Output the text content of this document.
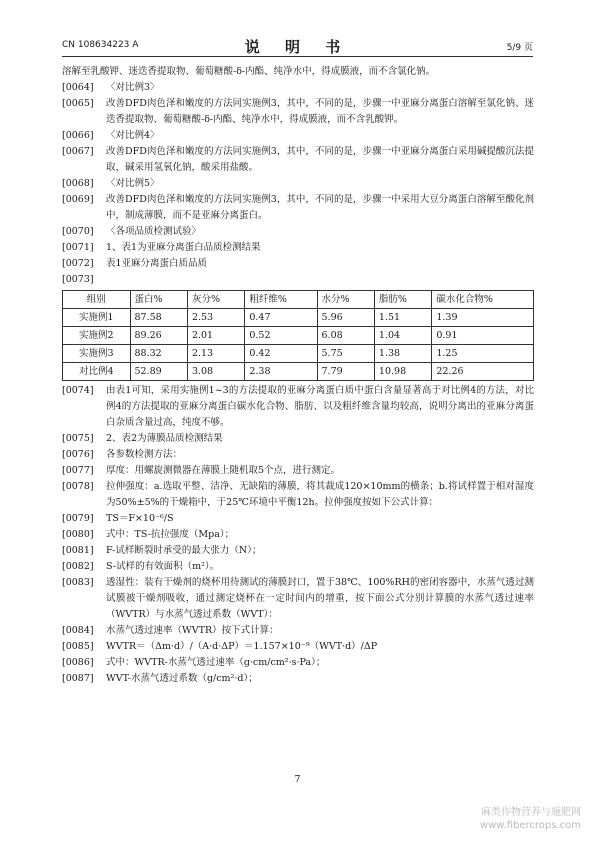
CN 108634223 A	说 明 书	5/9 页
溶解至乳酸钾、迷迭香提取物、葡萄糖酸-δ-内酯、纯净水中，得成膜液，而不含氯化钠。
[0064]	〈对比例3〉
[0065]	改善DFD肉色泽和嫩度的方法同实施例3，其中，不同的是，步骤一中亚麻分离蛋白溶解至氯化钠、迷迭香提取物、葡萄糖酸-δ-内酯、纯净水中，得成膜液，而不含乳酸钾。
[0066]	〈对比例4〉
[0067]	改善DFD肉色泽和嫩度的方法同实施例3，其中，不同的是，步骤一中亚麻分离蛋白采用碱提酸沉法提取，碱采用氢氧化钠，酸采用盐酸。
[0068]	〈对比例5〉
[0069]	改善DFD肉色泽和嫩度的方法同实施例3，其中，不同的是，步骤一中采用大豆分离蛋白溶解至酸化剂中，制成薄膜，而不是亚麻分离蛋白。
[0070]	〈各项品质检测试验〉
[0071]	1、表1为亚麻分离蛋白品质检测结果
[0072]	表1亚麻分离蛋白质品质
[0073]
组别	蛋白%	灰分%	粗纤维%	水分%	脂肪%	碳水化合物%
实施例1	87.58	2.53	0.47	5.96	1.51	1.39
实施例2	89.26	2.01	0.52	6.08	1.04	0.91
实施例3	88.32	2.13	0.42	5.75	1.38	1.25
对比例4	52.89	3.08	2.38	7.79	10.98	22.26
[0074]	由表1可知，采用实施例1~3的方法提取的亚麻分离蛋白质中蛋白含量显著高于对比例4的方法，对比例4的方法提取的亚麻分离蛋白碳水化合物、脂肪、以及粗纤维含量均较高，说明分离出的亚麻分离蛋白杂质含量过高，纯度不够。
[0075]	2、表2为薄膜品质检测结果
[0076]	各参数检测方法：
[0077]	厚度：用螺旋测微器在薄膜上随机取5个点，进行测定。
[0078]	拉伸强度：a.选取平整、洁净、无缺陷的薄膜，将其裁成120×10mm的横条；b.将试样置于相对湿度为50%±5%的干燥箱中，于25℃环境中平衡12h。拉伸强度按如下公式计算：
[0079]	TS＝F×10⁻⁶/S
[0080]	式中：TS-抗拉强度（Mpa）；
[0081]	F-试样断裂时承受的最大张力（N）；
[0082]	S-试样的有效面积（m²）。
[0083]	透湿性：装有干燥剂的烧杯用待测试的薄膜封口，置于38℃、100%RH的密闭容器中，水蒸气透过测试膜被干燥剂吸收，通过测定烧杯在一定时间内的增重，按下面公式分别计算膜的水蒸气透过速率（WVTR）与水蒸气透过系数（WVT）：
[0084]	水蒸气透过速率（WVTR）按下式计算：
[0085]	WVTR＝（Δm·d）/（A·d·ΔP）＝1.157×10⁻⁹（WVT·d）/ΔP
[0086]	式中：WVTR-水蒸气透过速率（g·cm/cm²·s·Pa）；
[0087]	WVT-水蒸气透过系数（g/cm²·d）；
7
麻类作物营养与施肥网
www.fibercrops.com
